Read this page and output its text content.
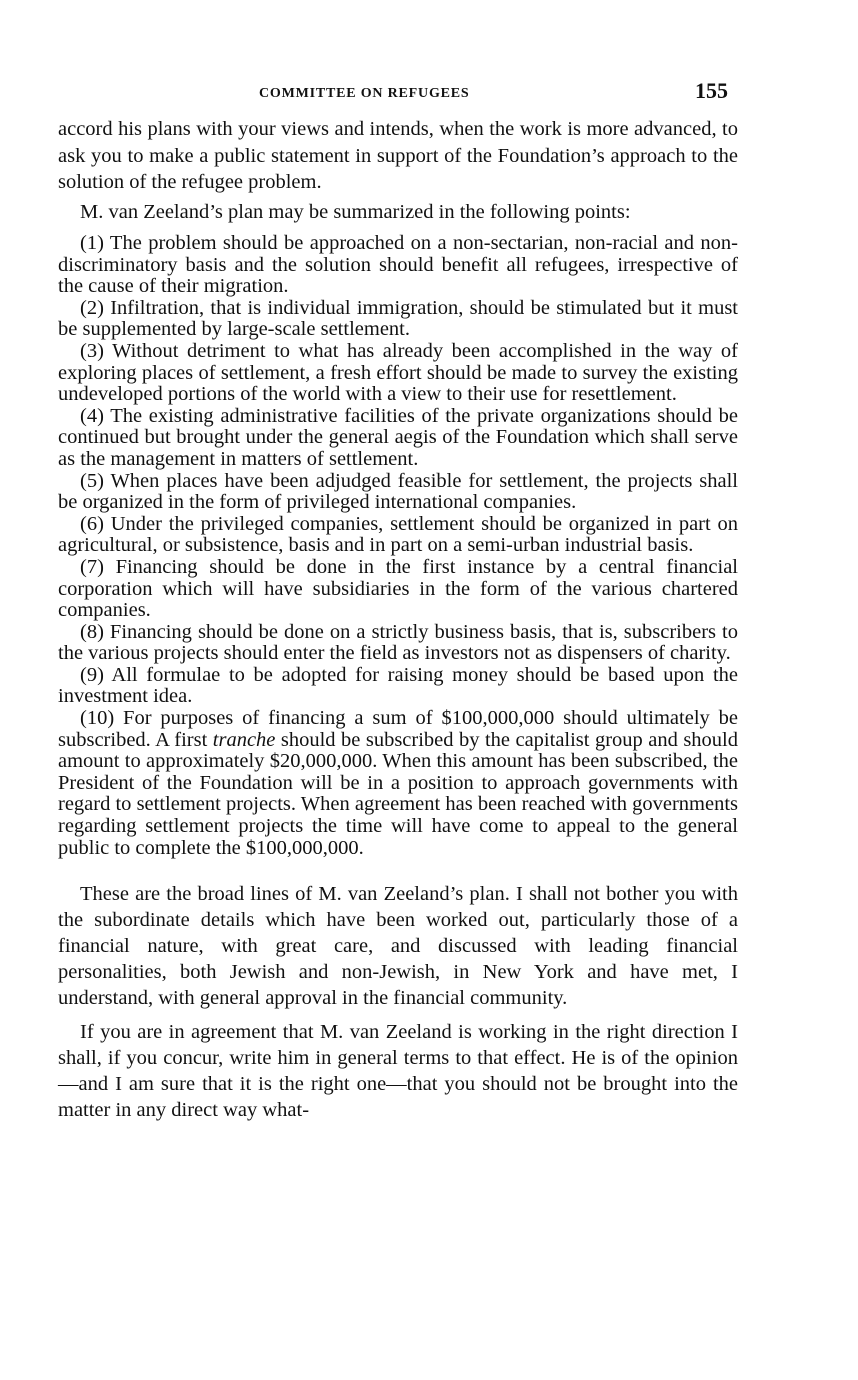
COMMITTEE ON REFUGEES	155

accord his plans with your views and intends, when the work is more advanced, to ask you to make a public statement in support of the Foundation’s approach to the solution of the refugee problem.

M. van Zeeland’s plan may be summarized in the following points:

(1) The problem should be approached on a non-sectarian, non-racial and non-discriminatory basis and the solution should benefit all refugees, irrespective of the cause of their migration.

(2) Infiltration, that is individual immigration, should be stimulated but it must be supplemented by large-scale settlement.

(3) Without detriment to what has already been accomplished in the way of exploring places of settlement, a fresh effort should be made to survey the existing undeveloped portions of the world with a view to their use for resettlement.

(4) The existing administrative facilities of the private organizations should be continued but brought under the general aegis of the Foundation which shall serve as the management in matters of settlement.

(5) When places have been adjudged feasible for settlement, the projects shall be organized in the form of privileged international companies.

(6) Under the privileged companies, settlement should be organized in part on agricultural, or subsistence, basis and in part on a semi-urban industrial basis.

(7) Financing should be done in the first instance by a central financial corporation which will have subsidiaries in the form of the various chartered companies.

(8) Financing should be done on a strictly business basis, that is, subscribers to the various projects should enter the field as investors not as dispensers of charity.

(9) All formulae to be adopted for raising money should be based upon the investment idea.

(10) For purposes of financing a sum of $100,000,000 should ultimately be subscribed. A first tranche should be subscribed by the capitalist group and should amount to approximately $20,000,000. When this amount has been subscribed, the President of the Foundation will be in a position to approach governments with regard to settlement projects. When agreement has been reached with governments regarding settlement projects the time will have come to appeal to the general public to complete the $100,000,000.

These are the broad lines of M. van Zeeland’s plan. I shall not bother you with the subordinate details which have been worked out, particularly those of a financial nature, with great care, and discussed with leading financial personalities, both Jewish and non-Jewish, in New York and have met, I understand, with general approval in the financial community.

If you are in agreement that M. van Zeeland is working in the right direction I shall, if you concur, write him in general terms to that effect. He is of the opinion—and I am sure that it is the right one—that you should not be brought into the matter in any direct way what-
